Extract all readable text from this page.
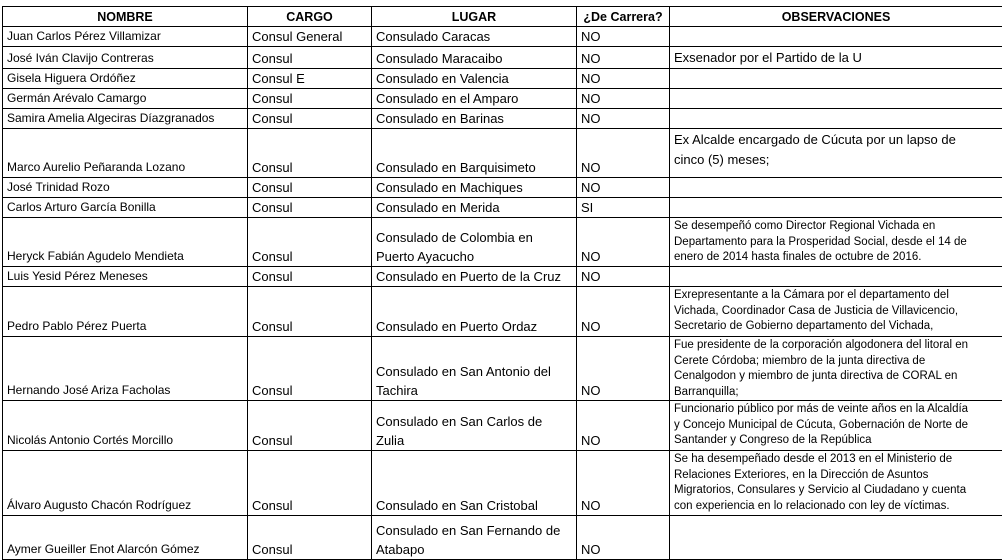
NOMBRE	CARGO	LUGAR	¿De Carrera?	OBSERVACIONES

Juan Carlos Pérez Villamizar	Consul General	Consulado Caracas	NO	

José Iván Clavijo Contreras	Consul	Consulado Maracaibo	NO	Exsenador por el Partido de la U

Gisela Higuera Ordóñez	Consul E	Consulado en Valencia	NO	

Germán Arévalo Camargo	Consul	Consulado en el Amparo	NO	

Samira Amelia Algeciras Díazgranados	Consul	Consulado en Barinas	NO	

Marco Aurelio Peñaranda Lozano	Consul	Consulado en Barquisimeto	NO	Ex Alcalde encargado de Cúcuta por un lapso de
cinco (5) meses;

José Trinidad Rozo	Consul	Consulado en Machiques	NO	

Carlos Arturo García Bonilla	Consul	Consulado en Merida	SI	

Heryck Fabián Agudelo Mendieta	Consul	Consulado de Colombia en
Puerto Ayacucho	NO	Se desempeñó como Director Regional Vichada en
Departamento para la Prosperidad Social, desde el 14 de
enero de 2014 hasta finales de octubre de 2016.

Luis Yesid Pérez Meneses	Consul	Consulado en Puerto de la Cruz	NO	

Pedro Pablo Pérez Puerta	Consul	Consulado en Puerto Ordaz	NO	Exrepresentante a la Cámara por el departamento del
Vichada, Coordinador Casa de Justicia de Villavicencio,
Secretario de Gobierno departamento del Vichada,

Hernando José Ariza Facholas	Consul	Consulado en San Antonio del
Tachira	NO	Fue presidente de la corporación algodonera del litoral en
Cerete Córdoba; miembro de la junta directiva de
Cenalgodon y miembro de junta directiva de CORAL en
Barranquilla;

Nicolás Antonio Cortés Morcillo	Consul	Consulado en San Carlos de Zulia	NO	Funcionario público por más de veinte años en la Alcaldía
y Concejo Municipal de Cúcuta, Gobernación de Norte de
Santander y Congreso de la República

Álvaro Augusto Chacón Rodríguez	Consul	Consulado en San Cristobal	NO	Se ha desempeñado desde el 2013 en el Ministerio de
Relaciones Exteriores, en la Dirección de Asuntos
Migratorios, Consulares y Servicio al Ciudadano y cuenta
con experiencia en lo relacionado con ley de víctimas.

Aymer Gueiller Enot Alarcón Gómez	Consul	Consulado en San Fernando de
Atabapo	NO	
